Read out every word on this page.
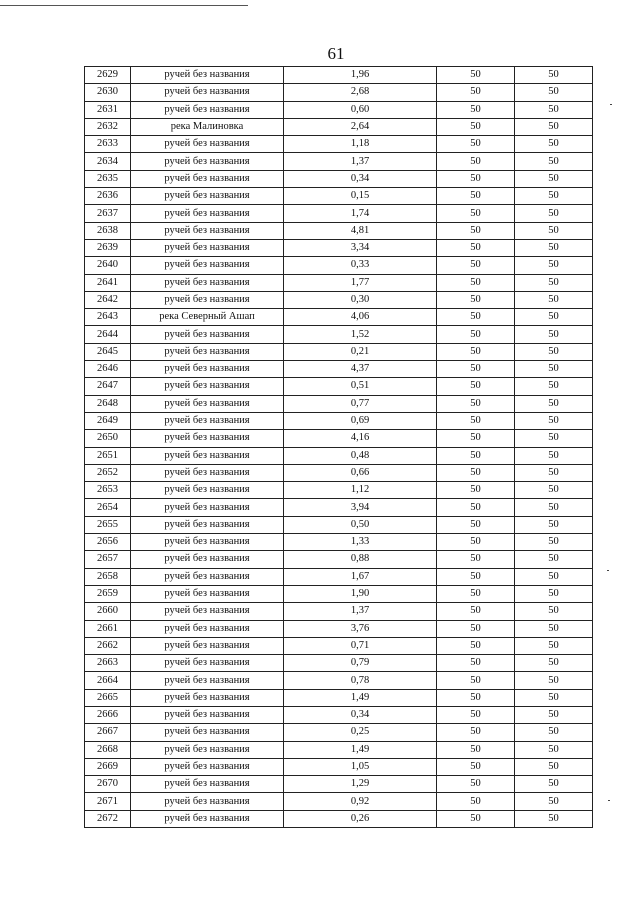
61
2629	ручей без названия	1,96	50	50
2630	ручей без названия	2,68	50	50
2631	ручей без названия	0,60	50	50
2632	река Малиновка	2,64	50	50
2633	ручей без названия	1,18	50	50
2634	ручей без названия	1,37	50	50
2635	ручей без названия	0,34	50	50
2636	ручей без названия	0,15	50	50
2637	ручей без названия	1,74	50	50
2638	ручей без названия	4,81	50	50
2639	ручей без названия	3,34	50	50
2640	ручей без названия	0,33	50	50
2641	ручей без названия	1,77	50	50
2642	ручей без названия	0,30	50	50
2643	река Северный Ашап	4,06	50	50
2644	ручей без названия	1,52	50	50
2645	ручей без названия	0,21	50	50
2646	ручей без названия	4,37	50	50
2647	ручей без названия	0,51	50	50
2648	ручей без названия	0,77	50	50
2649	ручей без названия	0,69	50	50
2650	ручей без названия	4,16	50	50
2651	ручей без названия	0,48	50	50
2652	ручей без названия	0,66	50	50
2653	ручей без названия	1,12	50	50
2654	ручей без названия	3,94	50	50
2655	ручей без названия	0,50	50	50
2656	ручей без названия	1,33	50	50
2657	ручей без названия	0,88	50	50
2658	ручей без названия	1,67	50	50
2659	ручей без названия	1,90	50	50
2660	ручей без названия	1,37	50	50
2661	ручей без названия	3,76	50	50
2662	ручей без названия	0,71	50	50
2663	ручей без названия	0,79	50	50
2664	ручей без названия	0,78	50	50
2665	ручей без названия	1,49	50	50
2666	ручей без названия	0,34	50	50
2667	ручей без названия	0,25	50	50
2668	ручей без названия	1,49	50	50
2669	ручей без названия	1,05	50	50
2670	ручей без названия	1,29	50	50
2671	ручей без названия	0,92	50	50
2672	ручей без названия	0,26	50	50
